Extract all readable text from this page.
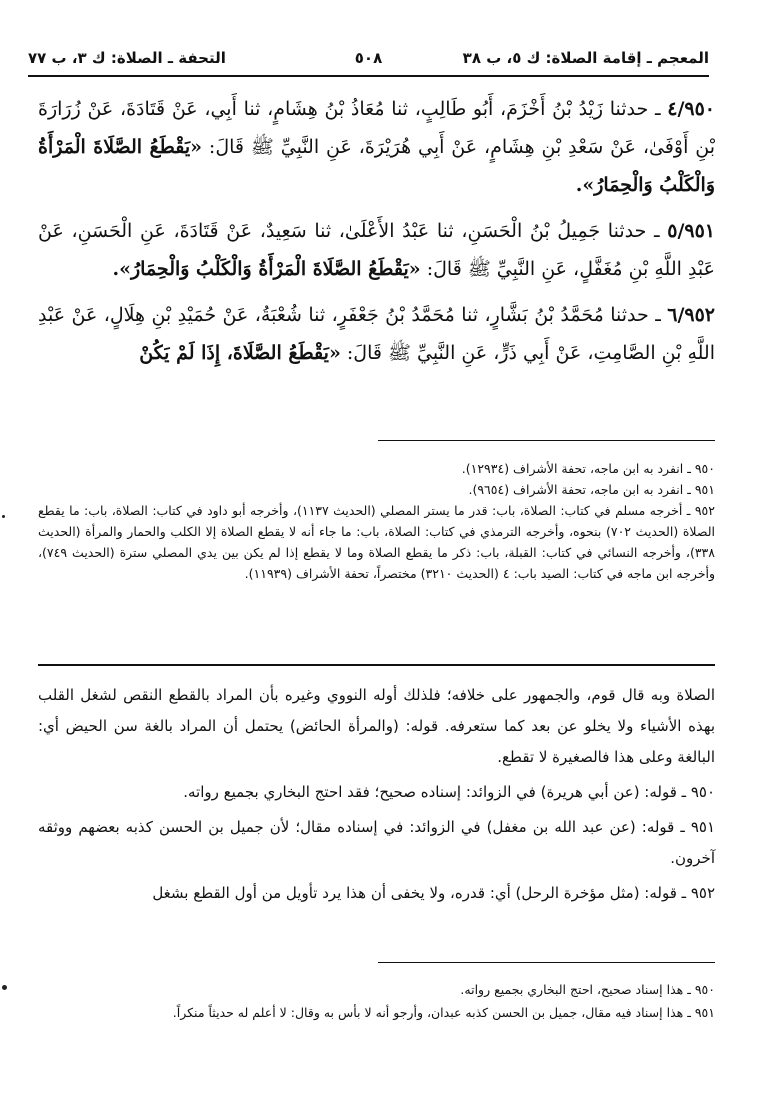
المعجم ـ إقامة الصلاة: ك ٥، ب ٣٨
٥٠٨
التحفة ـ الصلاة: ك ٣، ب ٧٧

٤/٩٥٠ ـ حدثنا زَيْدُ بْنُ أَخْزَمَ، أَبُو طَالِبٍ، ثنا مُعَاذُ بْنُ هِشَامٍ، ثنا أَبِي، عَنْ قَتَادَةَ، عَنْ زُرَارَةَ بْنِ أَوْفَىٰ، عَنْ سَعْدِ بْنِ هِشَامٍ، عَنْ أَبِي هُرَيْرَةَ، عَنِ النَّبِيِّ ﷺ قَالَ: «يَقْطَعُ الصَّلَاةَ الْمَرْأَةُ وَالْكَلْبُ وَالْحِمَارُ».

٥/٩٥١ ـ حدثنا جَمِيلُ بْنُ الْحَسَنِ، ثنا عَبْدُ الأَعْلَىٰ، ثنا سَعِيدٌ، عَنْ قَتَادَةَ، عَنِ الْحَسَنِ، عَنْ عَبْدِ اللَّهِ بْنِ مُغَفَّلٍ، عَنِ النَّبِيِّ ﷺ قَالَ: «يَقْطَعُ الصَّلَاةَ الْمَرْأَةُ وَالْكَلْبُ وَالْحِمَارُ».

٦/٩٥٢ ـ حدثنا مُحَمَّدُ بْنُ بَشَّارٍ، ثنا مُحَمَّدُ بْنُ جَعْفَرٍ، ثنا شُعْبَةُ، عَنْ حُمَيْدِ بْنِ هِلَالٍ، عَنْ عَبْدِ اللَّهِ بْنِ الصَّامِتِ، عَنْ أَبِي ذَرٍّ، عَنِ النَّبِيِّ ﷺ قَالَ: «يَقْطَعُ الصَّلَاةَ، إِذَا لَمْ يَكُنْ

٩٥٠ ـ انفرد به ابن ماجه، تحفة الأشراف (١٢٩٣٤).

٩٥١ ـ انفرد به ابن ماجه، تحفة الأشراف (٩٦٥٤).

٩٥٢ ـ أخرجه مسلم في كتاب: الصلاة، باب: قدر ما يستر المصلي (الحديث ١١٣٧)، وأخرجه أبو داود في كتاب: الصلاة، باب: ما يقطع الصلاة (الحديث ٧٠٢) بنحوه، وأخرجه الترمذي في كتاب: الصلاة، باب: ما جاء أنه لا يقطع الصلاة إلا الكلب والحمار والمرأة (الحديث ٣٣٨)، وأخرجه النسائي في كتاب: القبلة، باب: ذكر ما يقطع الصلاة وما لا يقطع إذا لم يكن بين يدي المصلي سترة (الحديث ٧٤٩)، وأخرجه ابن ماجه في كتاب: الصيد باب: ٤ (الحديث ٣٢١٠) مختصراً، تحفة الأشراف (١١٩٣٩).

الصلاة وبه قال قوم، والجمهور على خلافه؛ فلذلك أوله النووي وغيره بأن المراد بالقطع النقص لشغل القلب بهذه الأشياء ولا يخلو عن بعد كما ستعرفه. قوله: (والمرأة الحائض) يحتمل أن المراد بالغة سن الحيض أي: البالغة وعلى هذا فالصغيرة لا تقطع.

٩٥٠ ـ قوله: (عن أبي هريرة) في الزوائد: إسناده صحيح؛ فقد احتج البخاري بجميع رواته.

٩٥١ ـ قوله: (عن عبد الله بن مغفل) في الزوائد: في إسناده مقال؛ لأن جميل بن الحسن كذبه بعضهم ووثقه آخرون.

٩٥٢ ـ قوله: (مثل مؤخرة الرحل) أي: قدره، ولا يخفى أن هذا يرد تأويل من أول القطع بشغل

٩٥٠ ـ هذا إسناد صحيح، احتج البخاري بجميع رواته.

٩٥١ ـ هذا إسناد فيه مقال، جميل بن الحسن كذبه عبدان، وأرجو أنه لا بأس به وقال: لا أعلم له حديثاً منكراً.
